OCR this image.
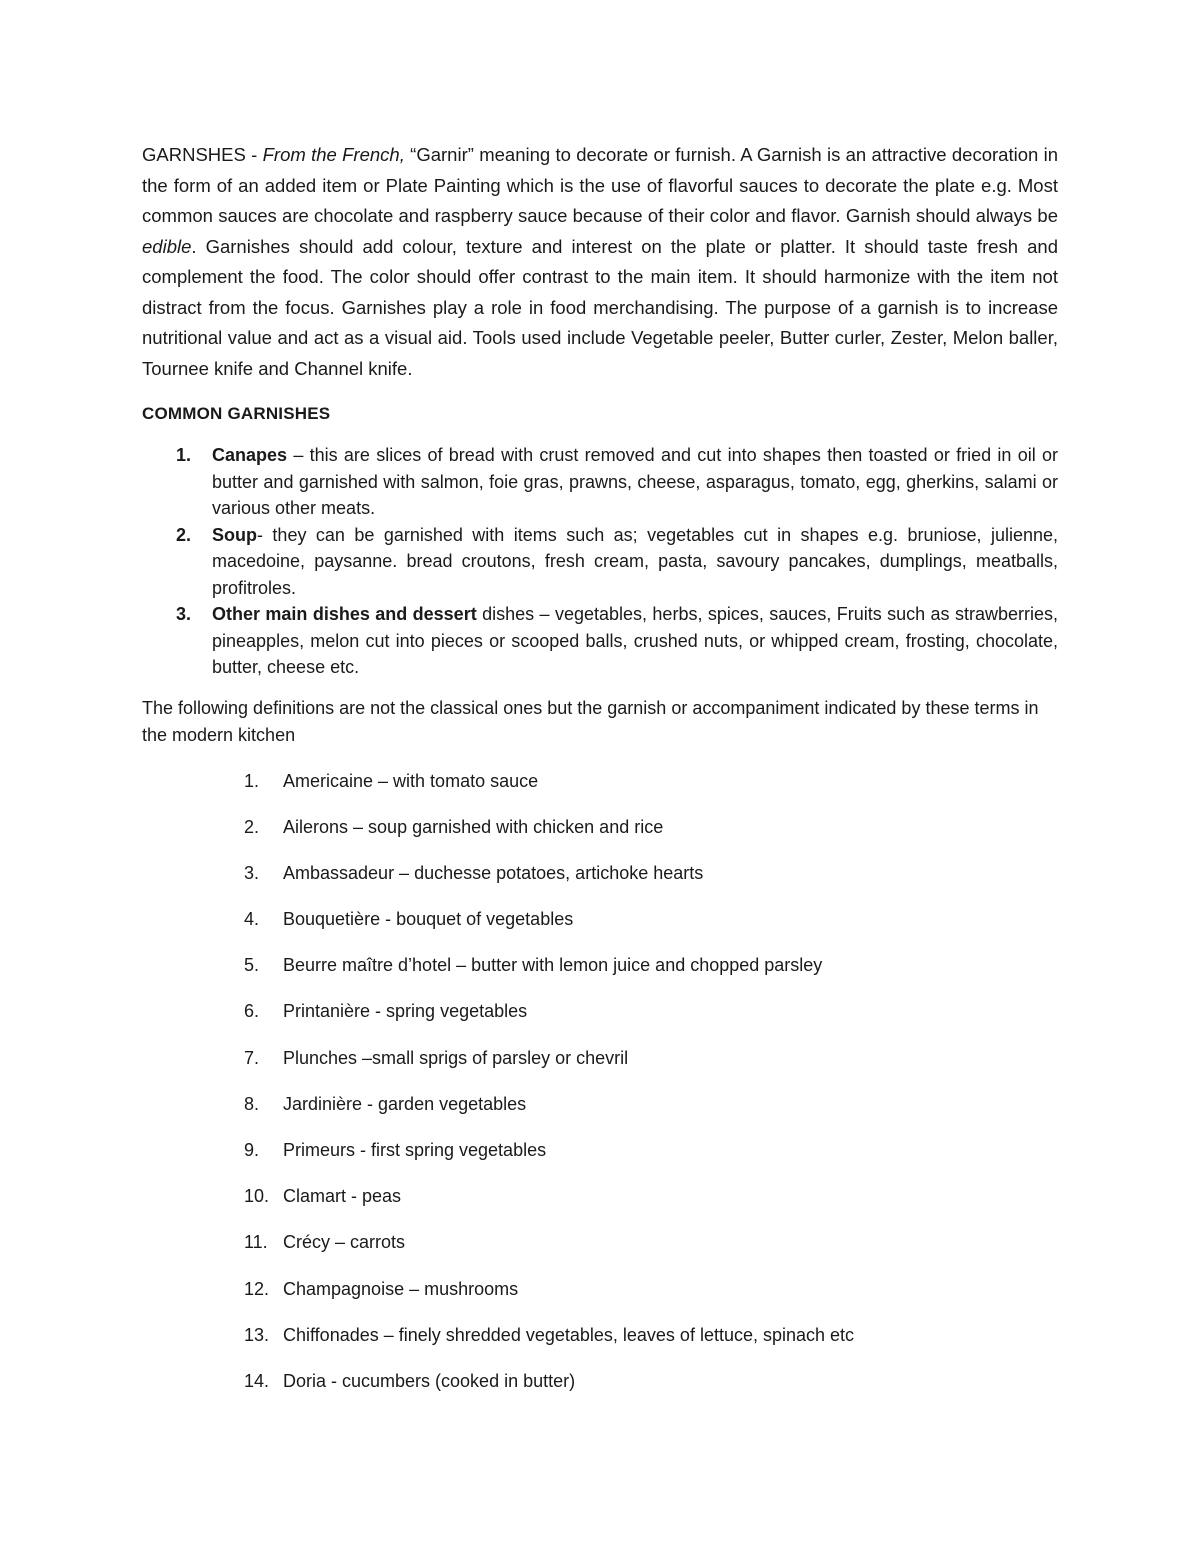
GARNSHES - From the French, “Garnir” meaning to decorate or furnish. A Garnish is an attractive decoration in the form of an added item or Plate Painting which is the use of flavorful sauces to decorate the plate e.g. Most common sauces are chocolate and raspberry sauce because of their color and flavor. Garnish should always be edible. Garnishes should add colour, texture and interest on the plate or platter. It should taste fresh and complement the food. The color should offer contrast to the main item. It should harmonize with the item not distract from the focus. Garnishes play a role in food merchandising. The purpose of a garnish is to increase nutritional value and act as a visual aid. Tools used include Vegetable peeler, Butter curler, Zester, Melon baller, Tournee knife and Channel knife.

COMMON GARNISHES
1. Canapes – this are slices of bread with crust removed and cut into shapes then toasted or fried in oil or butter and garnished with salmon, foie gras, prawns, cheese, asparagus, tomato, egg, gherkins, salami or various other meats.
2. Soup- they can be garnished with items such as; vegetables cut in shapes e.g. bruniose, julienne, macedoine, paysanne. bread croutons, fresh cream, pasta, savoury pancakes, dumplings, meatballs, profitroles.
3. Other main dishes and dessert dishes – vegetables, herbs, spices, sauces, Fruits such as strawberries, pineapples, melon cut into pieces or scooped balls, crushed nuts, or whipped cream, frosting, chocolate, butter, cheese etc.
The following definitions are not the classical ones but the garnish or accompaniment indicated by these terms in the modern kitchen
1. Americaine – with tomato sauce
2. Ailerons – soup garnished with chicken and rice
3. Ambassadeur – duchesse potatoes, artichoke hearts
4. Bouquetière - bouquet of vegetables
5. Beurre maître d’hotel – butter with lemon juice and chopped parsley
6. Printanière - spring vegetables
7. Plunches –small sprigs of parsley or chevril
8. Jardinière - garden vegetables
9. Primeurs - first spring vegetables
10. Clamart - peas
11. Crécy – carrots
12. Champagnoise – mushrooms
13. Chiffonades – finely shredded vegetables, leaves of lettuce, spinach etc
14. Doria - cucumbers (cooked in butter)
